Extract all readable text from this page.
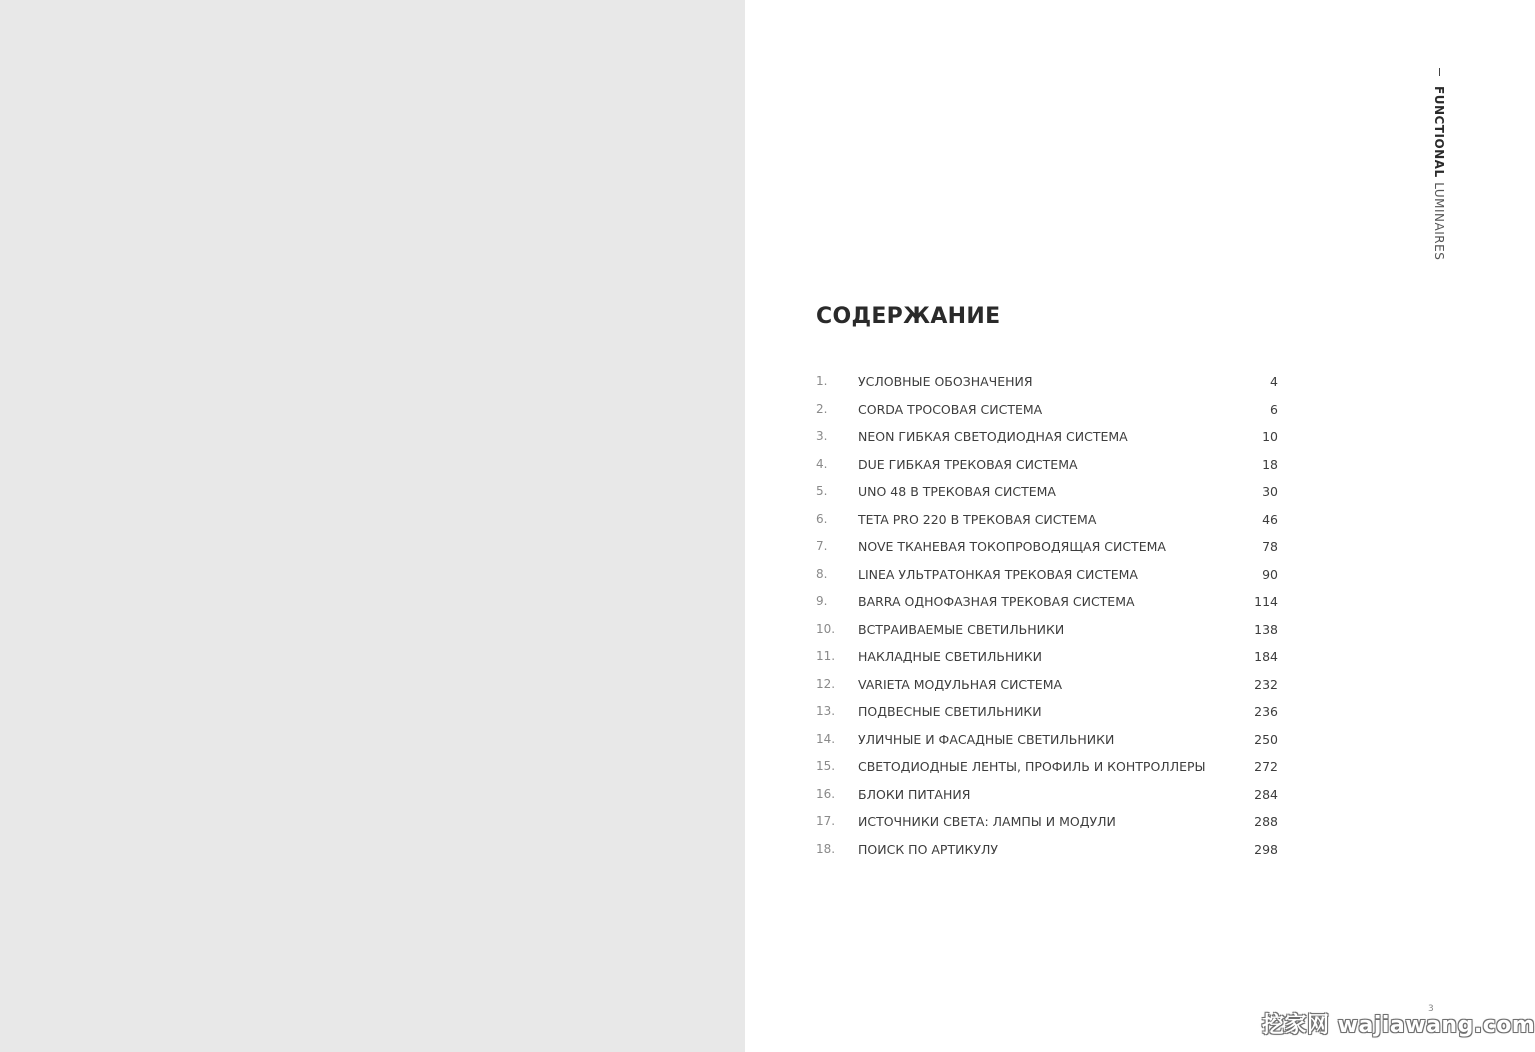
FUNCTIONAL LUMINAIRES
СОДЕРЖАНИЕ
1. УСЛОВНЫЕ ОБОЗНАЧЕНИЯ	4
2. CORDA ТРОСОВАЯ СИСТЕМА	6
3. NEON ГИБКАЯ СВЕТОДИОДНАЯ СИСТЕМА	10
4. DUE ГИБКАЯ ТРЕКОВАЯ СИСТЕМА	18
5. UNO 48 В ТРЕКОВАЯ СИСТЕМА	30
6. TETA PRO 220 В ТРЕКОВАЯ СИСТЕМА	46
7. NOVE ТКАНЕВАЯ ТОКОПРОВОДЯЩАЯ СИСТЕМА	78
8. LINEA УЛЬТРАТОНКАЯ ТРЕКОВАЯ СИСТЕМА	90
9. BARRA ОДНОФАЗНАЯ ТРЕКОВАЯ СИСТЕМА	114
10. ВСТРАИВАЕМЫЕ СВЕТИЛЬНИКИ	138
11. НАКЛАДНЫЕ СВЕТИЛЬНИКИ	184
12. VARIETA МОДУЛЬНАЯ СИСТЕМА	232
13. ПОДВЕСНЫЕ СВЕТИЛЬНИКИ	236
14. УЛИЧНЫЕ И ФАСАДНЫЕ СВЕТИЛЬНИКИ	250
15. СВЕТОДИОДНЫЕ ЛЕНТЫ, ПРОФИЛЬ И КОНТРОЛЛЕРЫ	272
16. БЛОКИ ПИТАНИЯ	284
17. ИСТОЧНИКИ СВЕТА: ЛАМПЫ И МОДУЛИ	288
18. ПОИСК ПО АРТИКУЛУ	298
3
挖家网 wajiawang.com
